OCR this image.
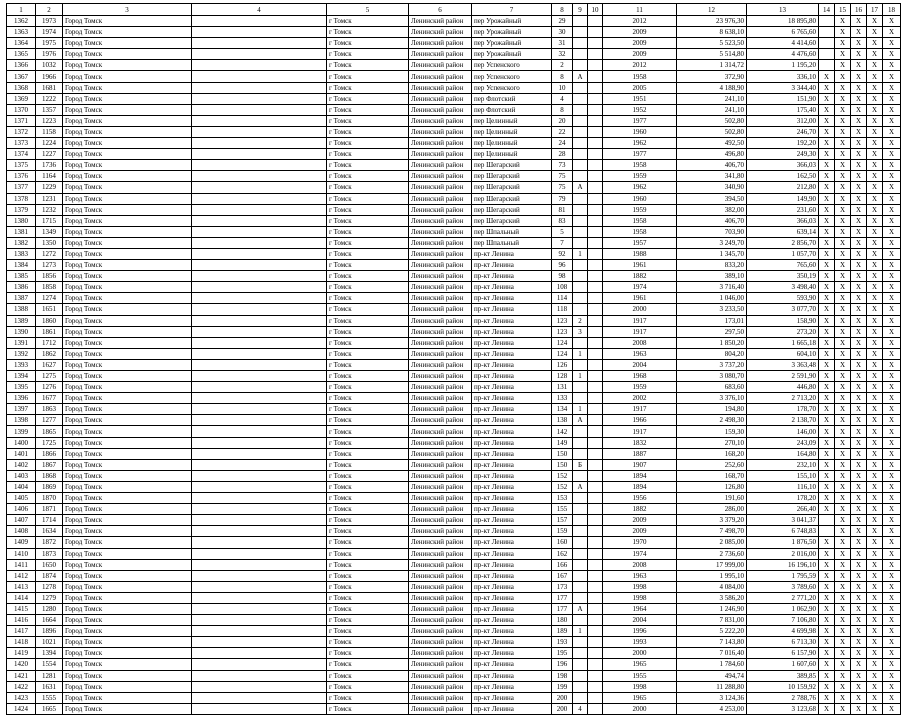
1	2	3	4	5	6	7	8	9	10	11	12	13	14	15	16	17	18
1362	1973	Город Томск		г Томск	Ленинский район	пер Урожайный	29			2012	23 976,30	18 895,80		X	X	X	X
1363	1974	Город Томск		г Томск	Ленинский район	пер Урожайный	30			2009	8 638,10	6 765,60		X	X	X	X
1364	1975	Город Томск		г Томск	Ленинский район	пер Урожайный	31			2009	5 523,50	4 414,60		X	X	X	X
1365	1976	Город Томск		г Томск	Ленинский район	пер Урожайный	32			2009	5 514,80	4 476,60		X	X	X	X
1366	1032	Город Томск		г Томск	Ленинский район	пер Успенского	2			2012	1 314,72	1 195,20		X	X	X	X
1367	1966	Город Томск		г Томск	Ленинский район	пер Успенского	8	А		1958	372,90	336,10	X	X	X	X	X
1368	1681	Город Томск		г Томск	Ленинский район	пер Успенского	10			2005	4 188,90	3 344,40	X	X	X	X	X
1369	1222	Город Томск		г Томск	Ленинский район	пер Флотский	4			1951	241,10	151,90	X	X	X	X	X
1370	1357	Город Томск		г Томск	Ленинский район	пер Флотский	8			1952	241,10	175,40	X	X	X	X	X
1371	1223	Город Томск		г Томск	Ленинский район	пер Целинный	20			1977	502,80	312,00	X	X	X	X	X
1372	1158	Город Томск		г Томск	Ленинский район	пер Целинный	22			1960	502,80	246,70	X	X	X	X	X
1373	1224	Город Томск		г Томск	Ленинский район	пер Целинный	24			1962	492,50	192,20	X	X	X	X	X
1374	1227	Город Томск		г Томск	Ленинский район	пер Целинный	28			1977	496,80	249,30	X	X	X	X	X
1375	1736	Город Томск		г Томск	Ленинский район	пер Шегарский	73			1958	406,70	366,03	X	X	X	X	X
1376	1164	Город Томск		г Томск	Ленинский район	пер Шегарский	75			1959	341,80	162,50	X	X	X	X	X
1377	1229	Город Томск		г Томск	Ленинский район	пер Шегарский	75	А		1962	340,90	212,80	X	X	X	X	X
1378	1231	Город Томск		г Томск	Ленинский район	пер Шегарский	79			1960	394,50	149,90	X	X	X	X	X
1379	1232	Город Томск		г Томск	Ленинский район	пер Шегарский	81			1959	382,00	231,60	X	X	X	X	X
1380	1715	Город Томск		г Томск	Ленинский район	пер Шегарский	83			1958	406,70	366,03	X	X	X	X	X
1381	1349	Город Томск		г Томск	Ленинский район	пер Шпальный	5			1958	703,90	639,14	X	X	X	X	X
1382	1350	Город Томск		г Томск	Ленинский район	пер Шпальный	7			1957	3 249,70	2 856,70	X	X	X	X	X
1383	1272	Город Томск		г Томск	Ленинский район	пр-кт Ленина	92	1		1988	1 345,70	1 057,70	X	X	X	X	X
1384	1273	Город Томск		г Томск	Ленинский район	пр-кт Ленина	96			1961	833,20	765,60	X	X	X	X	X
1385	1856	Город Томск		г Томск	Ленинский район	пр-кт Ленина	98			1882	389,10	350,19	X	X	X	X	X
1386	1858	Город Томск		г Томск	Ленинский район	пр-кт Ленина	108			1974	3 716,40	3 498,40	X	X	X	X	X
1387	1274	Город Томск		г Томск	Ленинский район	пр-кт Ленина	114			1961	1 046,00	593,90	X	X	X	X	X
1388	1651	Город Томск		г Томск	Ленинский район	пр-кт Ленина	118			2000	3 233,50	3 077,70	X	X	X	X	X
1389	1860	Город Томск		г Томск	Ленинский район	пр-кт Ленина	123	2		1917	173,01	158,90	X	X	X	X	X
1390	1861	Город Томск		г Томск	Ленинский район	пр-кт Ленина	123	3		1917	297,50	273,20	X	X	X	X	X
1391	1712	Город Томск		г Томск	Ленинский район	пр-кт Ленина	124			2008	1 850,20	1 665,18	X	X	X	X	X
1392	1862	Город Томск		г Томск	Ленинский район	пр-кт Ленина	124	1		1963	804,20	604,10	X	X	X	X	X
1393	1627	Город Томск		г Томск	Ленинский район	пр-кт Ленина	126			2004	3 737,20	3 363,48	X	X	X	X	X
1394	1275	Город Томск		г Томск	Ленинский район	пр-кт Ленина	128	1		1968	3 080,70	2 591,90	X	X	X	X	X
1395	1276	Город Томск		г Томск	Ленинский район	пр-кт Ленина	131			1959	683,60	446,80	X	X	X	X	X
1396	1677	Город Томск		г Томск	Ленинский район	пр-кт Ленина	133			2002	3 376,10	2 713,20	X	X	X	X	X
1397	1863	Город Томск		г Томск	Ленинский район	пр-кт Ленина	134	1		1917	194,80	178,70	X	X	X	X	X
1398	1277	Город Томск		г Томск	Ленинский район	пр-кт Ленина	138	А		1966	2 498,30	2 138,70	X	X	X	X	X
1399	1865	Город Томск		г Томск	Ленинский район	пр-кт Ленина	142			1917	159,30	146,00	X	X	X	X	X
1400	1725	Город Томск		г Томск	Ленинский район	пр-кт Ленина	149			1832	270,10	243,09	X	X	X	X	X
1401	1866	Город Томск		г Томск	Ленинский район	пр-кт Ленина	150			1887	168,20	164,80	X	X	X	X	X
1402	1867	Город Томск		г Томск	Ленинский район	пр-кт Ленина	150	Б		1907	252,60	232,10	X	X	X	X	X
1403	1868	Город Томск		г Томск	Ленинский район	пр-кт Ленина	152			1894	168,70	155,10	X	X	X	X	X
1404	1869	Город Томск		г Томск	Ленинский район	пр-кт Ленина	152	А		1894	126,80	116,10	X	X	X	X	X
1405	1870	Город Томск		г Томск	Ленинский район	пр-кт Ленина	153			1956	191,60	178,20	X	X	X	X	X
1406	1871	Город Томск		г Томск	Ленинский район	пр-кт Ленина	155			1882	286,00	266,40	X	X	X	X	X
1407	1714	Город Томск		г Томск	Ленинский район	пр-кт Ленина	157			2009	3 379,20	3 041,37		X	X	X	X
1408	1634	Город Томск		г Томск	Ленинский район	пр-кт Ленина	159			2009	7 498,70	6 748,83		X	X	X	X
1409	1872	Город Томск		г Томск	Ленинский район	пр-кт Ленина	160			1970	2 085,00	1 876,50	X	X	X	X	X
1410	1873	Город Томск		г Томск	Ленинский район	пр-кт Ленина	162			1974	2 736,60	2 016,00	X	X	X	X	X
1411	1650	Город Томск		г Томск	Ленинский район	пр-кт Ленина	166			2008	17 999,00	16 196,10	X	X	X	X	X
1412	1874	Город Томск		г Томск	Ленинский район	пр-кт Ленина	167			1963	1 995,10	1 795,59	X	X	X	X	X
1413	1278	Город Томск		г Томск	Ленинский район	пр-кт Ленина	173			1998	4 084,00	3 789,60	X	X	X	X	X
1414	1279	Город Томск		г Томск	Ленинский район	пр-кт Ленина	177			1998	3 586,20	2 771,20	X	X	X	X	X
1415	1280	Город Томск		г Томск	Ленинский район	пр-кт Ленина	177	А		1964	1 246,90	1 062,90	X	X	X	X	X
1416	1664	Город Томск		г Томск	Ленинский район	пр-кт Ленина	180			2004	7 831,00	7 106,80	X	X	X	X	X
1417	1896	Город Томск		г Томск	Ленинский район	пр-кт Ленина	189	1		1996	5 222,20	4 699,98	X	X	X	X	X
1418	1021	Город Томск		г Томск	Ленинский район	пр-кт Ленина	193			1993	7 143,80	6 713,30	X	X	X	X	X
1419	1394	Город Томск		г Томск	Ленинский район	пр-кт Ленина	195			2000	7 016,40	6 157,90	X	X	X	X	X
1420	1554	Город Томск		г Томск	Ленинский район	пр-кт Ленина	196			1965	1 784,60	1 607,60	X	X	X	X	X
1421	1281	Город Томск		г Томск	Ленинский район	пр-кт Ленина	198			1955	494,74	389,85	X	X	X	X	X
1422	1631	Город Томск		г Томск	Ленинский район	пр-кт Ленина	199			1998	11 288,80	10 159,92	X	X	X	X	X
1423	1555	Город Томск		г Томск	Ленинский район	пр-кт Ленина	200			1965	3 124,36	2 788,76	X	X	X	X	X
1424	1665	Город Томск		г Томск	Ленинский район	пр-кт Ленина	200	4		2000	4 253,00	3 123,68	X	X	X	X	X
